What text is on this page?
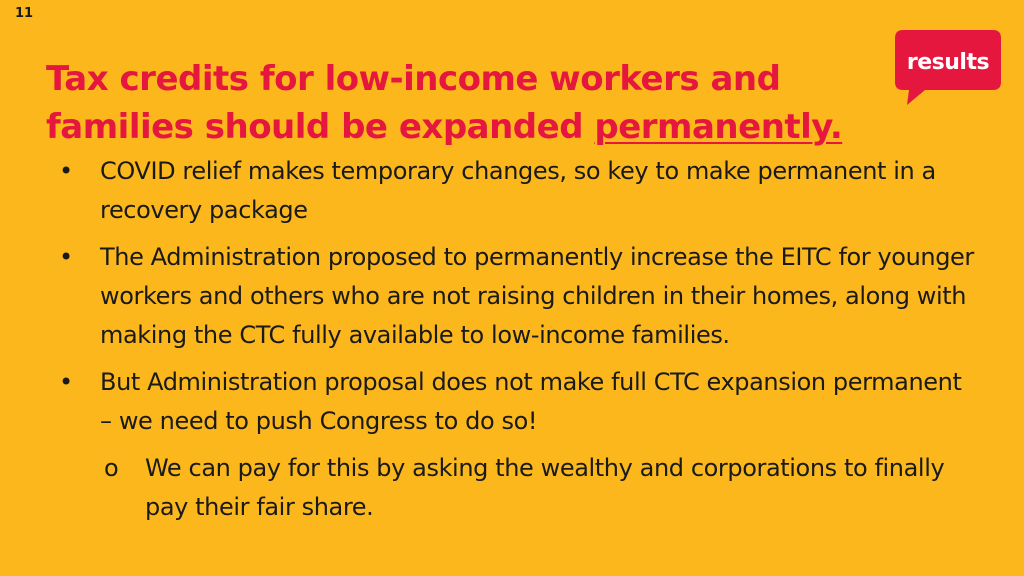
11
Tax credits for low-income workers and families should be expanded permanently.
results
• COVID relief makes temporary changes, so key to make permanent in a recovery package
• The Administration proposed to permanently increase the EITC for younger workers and others who are not raising children in their homes, along with making the CTC fully available to low-income families.
• But Administration proposal does not make full CTC expansion permanent – we need to push Congress to do so!
o We can pay for this by asking the wealthy and corporations to finally pay their fair share.
